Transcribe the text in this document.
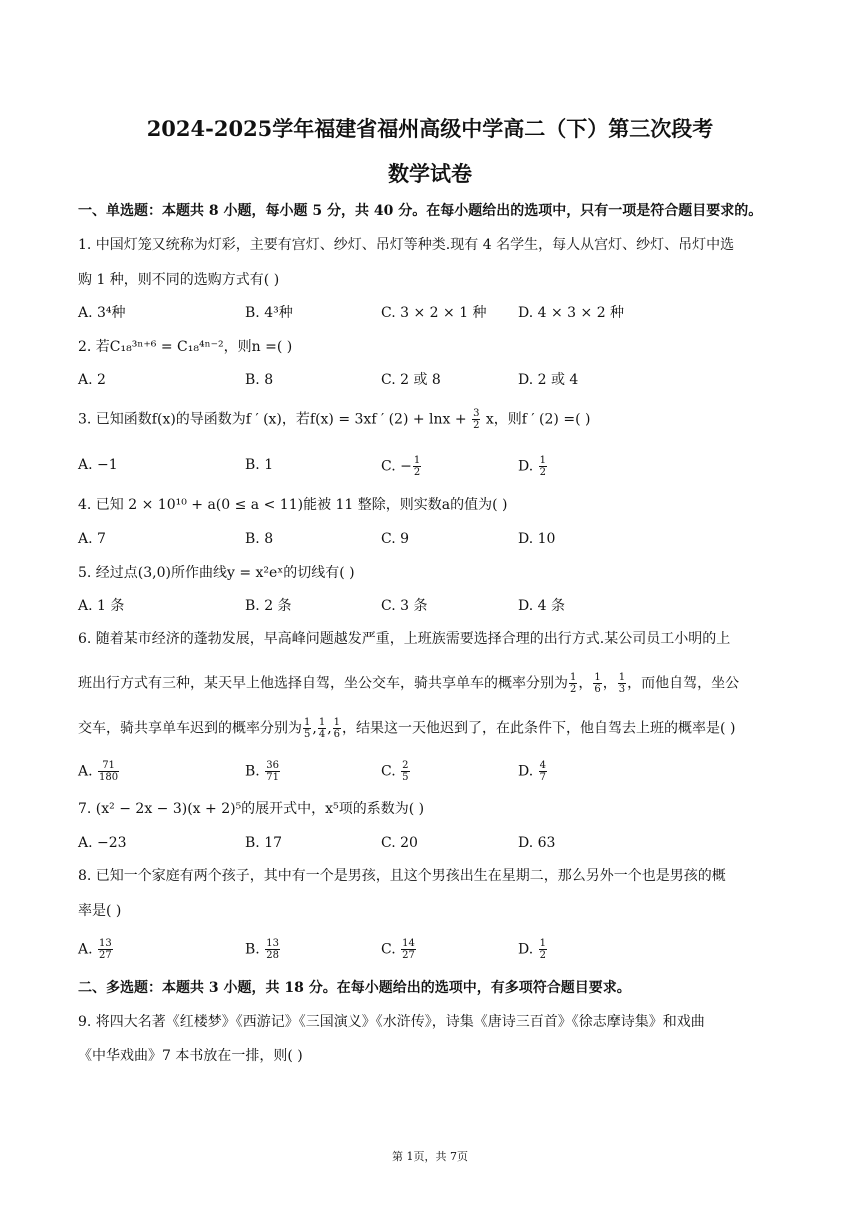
2024-2025学年福建省福州高级中学高二（下）第三次段考
数学试卷
一、单选题：本题共 8 小题，每小题 5 分，共 40 分。在每小题给出的选项中，只有一项是符合题目要求的。
1. 中国灯笼又统称为灯彩，主要有宫灯、纱灯、吊灯等种类.现有 4 名学生，每人从宫灯、纱灯、吊灯中选
购 1 种，则不同的选购方式有( )
A. 3⁴种	B. 4³种	C. 3 × 2 × 1 种 D. 4 × 3 × 2 种
2. 若C₁₈³ⁿ⁺⁶ = C₁₈⁴ⁿ⁻²，则n =( )
A. 2	B. 8	C. 2 或 8	D. 2 或 4
3. 已知函数f(x)的导函数为f ′ (x)，若f(x) = 3xf ′ $(2) + \ln x + \frac{3}{2}$ x，则f ′ (2) =( )
A. −1	B. 1	C. − $\frac{1}{2}$	D. $\frac{1}{2}$
4. 已知 2 × 10¹⁰ + a(0 ≤ a < 11)能被 11 整除，则实数a的值为( )
A. 7	B. 8	C. 9	D. 10
5. 经过点(3,0)所作曲线y = x²eˣ的切线有( )
A. 1 条	B. 2 条	C. 3 条	D. 4 条
6. 随着某市经济的蓬勃发展，早高峰问题越发严重，上班族需要选择合理的出行方式.某公司员工小明的上
班出行方式有三种，某天早上他选择自驾，坐公交车，骑共享单车的概率分别为 $\frac{1}{2}$ ， $\frac{1}{6}$ ， $\frac{1}{3}$ ，而他自驾，坐公
交车，骑共享单车迟到的概率分别为 $\frac{1}{5}$ , $\frac{1}{4}$ , $\frac{1}{6}$ ，结果这一天他迟到了，在此条件下，他自驾去上班的概率是( )
A. $\frac{71}{180}$	B. $\frac{36}{71}$	C. $\frac{2}{5}$	D. $\frac{4}{7}$
7. (x² − 2x − 3)(x + 2)⁵的展开式中，x⁵项的系数为( )
A. −23	B. 17	C. 20	D. 63
8. 已知一个家庭有两个孩子，其中有一个是男孩，且这个男孩出生在星期二，那么另外一个也是男孩的概
率是( )
A. $\frac{13}{27}$	B. $\frac{13}{28}$	C. $\frac{14}{27}$	D. $\frac{1}{2}$
二、多选题：本题共 3 小题，共 18 分。在每小题给出的选项中，有多项符合题目要求。
9. 将四大名著《红楼梦》《西游记》《三国演义》《水浒传》，诗集《唐诗三百首》《徐志摩诗集》和戏曲
《中华戏曲》7 本书放在一排，则( )
第 1页，共 7页
